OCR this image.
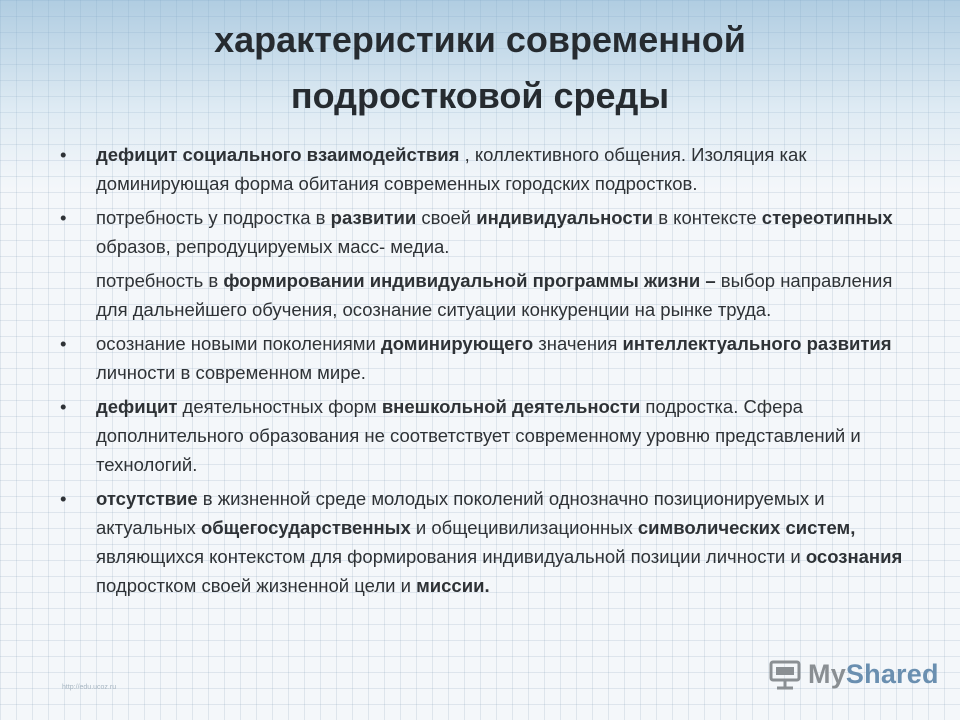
характеристики современной
подростковой среды
•	дефицит социального взаимодействия , коллективного общения. Изоляция как доминирующая форма обитания современных городских подростков.
•	потребность у подростка в развитии своей индивидуальности в контексте стереотипных образов, репродуцируемых масс- медиа.
потребность в формировании индивидуальной программы жизни – выбор направления для дальнейшего обучения, осознание ситуации конкуренции на рынке труда.
•	осознание новыми поколениями доминирующего значения интеллектуального развития личности в современном мире.
•	дефицит деятельностных форм внешкольной деятельности подростка. Сфера дополнительного образования не соответствует современному уровню представлений и технологий.
•	отсутствие в жизненной среде молодых поколений однозначно позиционируемых и актуальных общегосударственных и общецивилизационных символических систем, являющихся контекстом для формирования индивидуальной позиции личности и осознания подростком своей жизненной цели и миссии.
MyShared
http://edu.ucoz.ru
